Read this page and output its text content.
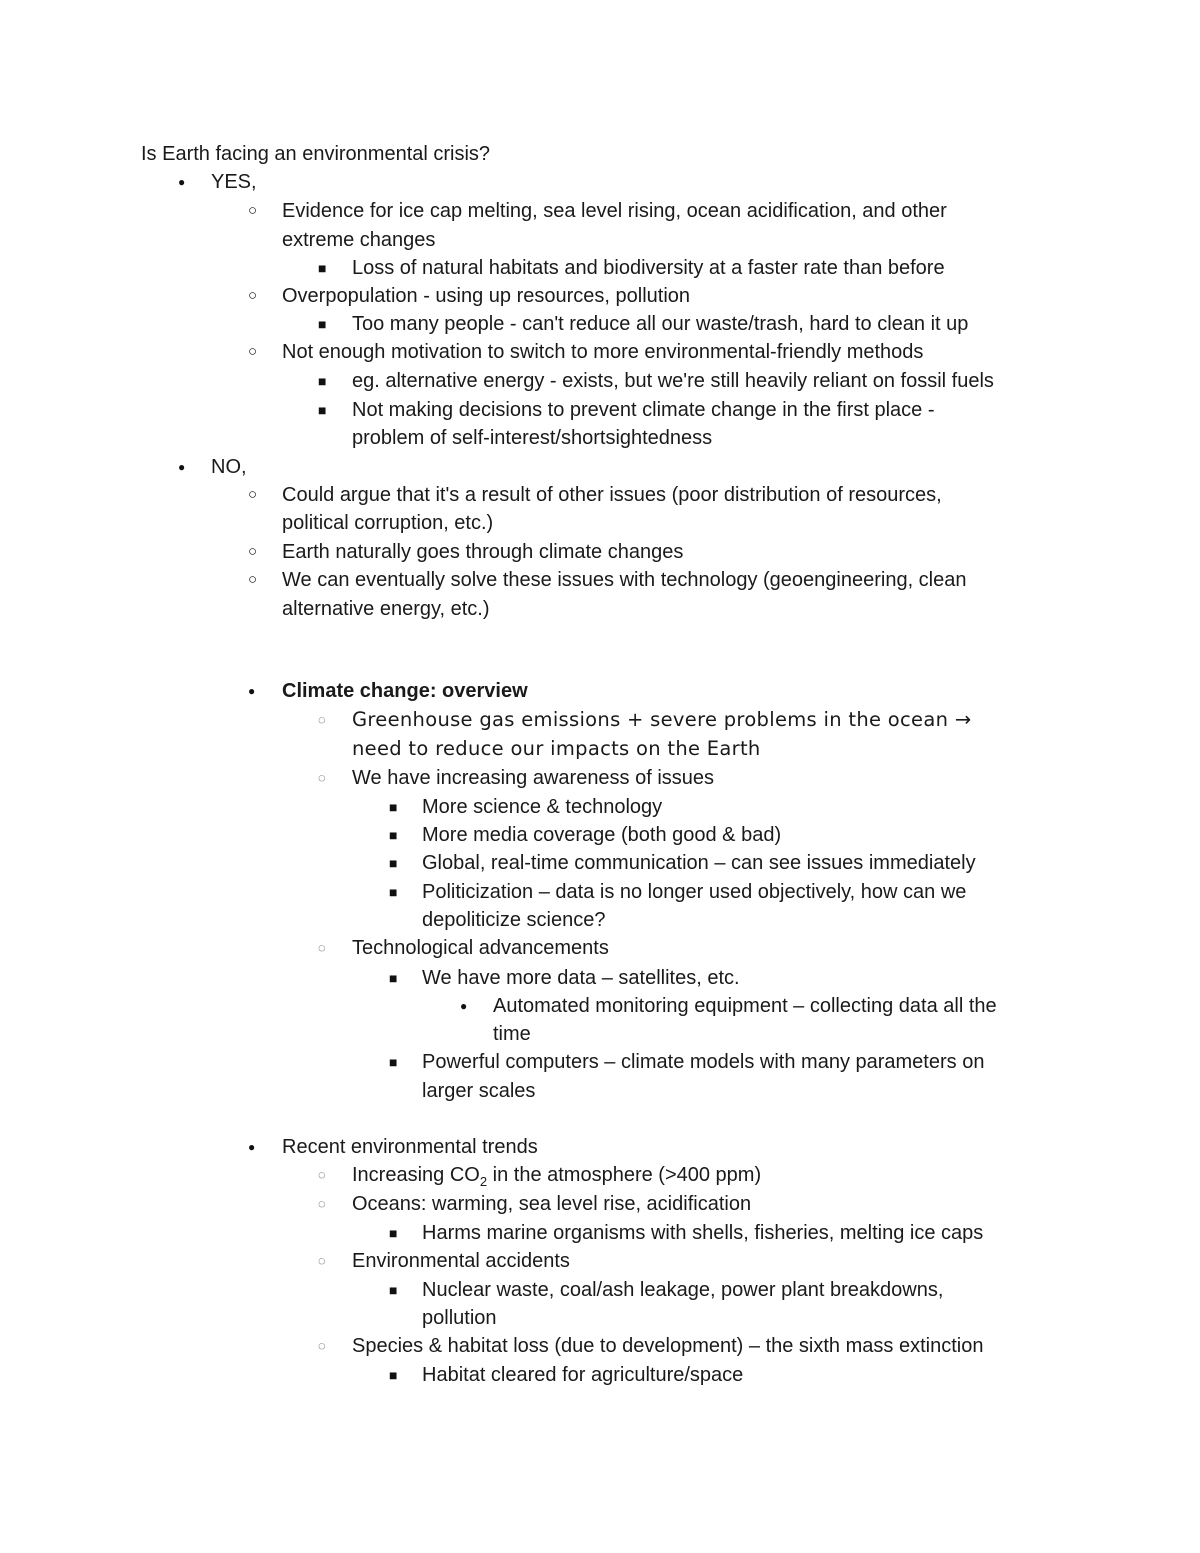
Is Earth facing an environmental crisis?
● YES,
○ Evidence for ice cap melting, sea level rising, ocean acidification, and other
extreme changes
■ Loss of natural habitats and biodiversity at a faster rate than before
○ Overpopulation - using up resources, pollution
■ Too many people - can't reduce all our waste/trash, hard to clean it up
○ Not enough motivation to switch to more environmental-friendly methods
■ eg. alternative energy - exists, but we're still heavily reliant on fossil fuels
■ Not making decisions to prevent climate change in the first place -
problem of self-interest/shortsightedness
● NO,
○ Could argue that it's a result of other issues (poor distribution of resources,
political corruption, etc.)
○ Earth naturally goes through climate changes
○ We can eventually solve these issues with technology (geoengineering, clean
alternative energy, etc.)
● Climate change: overview
◌ Greenhouse gas emissions + severe problems in the ocean →
need to reduce our impacts on the Earth
◌ We have increasing awareness of issues
■ More science & technology
■ More media coverage (both good & bad)
■ Global, real-time communication – can see issues immediately
■ Politicization – data is no longer used objectively, how can we
depoliticize science?
◌ Technological advancements
■ We have more data – satellites, etc.
● Automated monitoring equipment – collecting data all the
time
■ Powerful computers – climate models with many parameters on
larger scales
● Recent environmental trends
◌ Increasing $CO_2$ in the atmosphere (>400 ppm)
◌ Oceans: warming, sea level rise, acidification
■ Harms marine organisms with shells, fisheries, melting ice caps
◌ Environmental accidents
■ Nuclear waste, coal/ash leakage, power plant breakdowns,
pollution
◌ Species & habitat loss (due to development) – the sixth mass extinction
■ Habitat cleared for agriculture/space
